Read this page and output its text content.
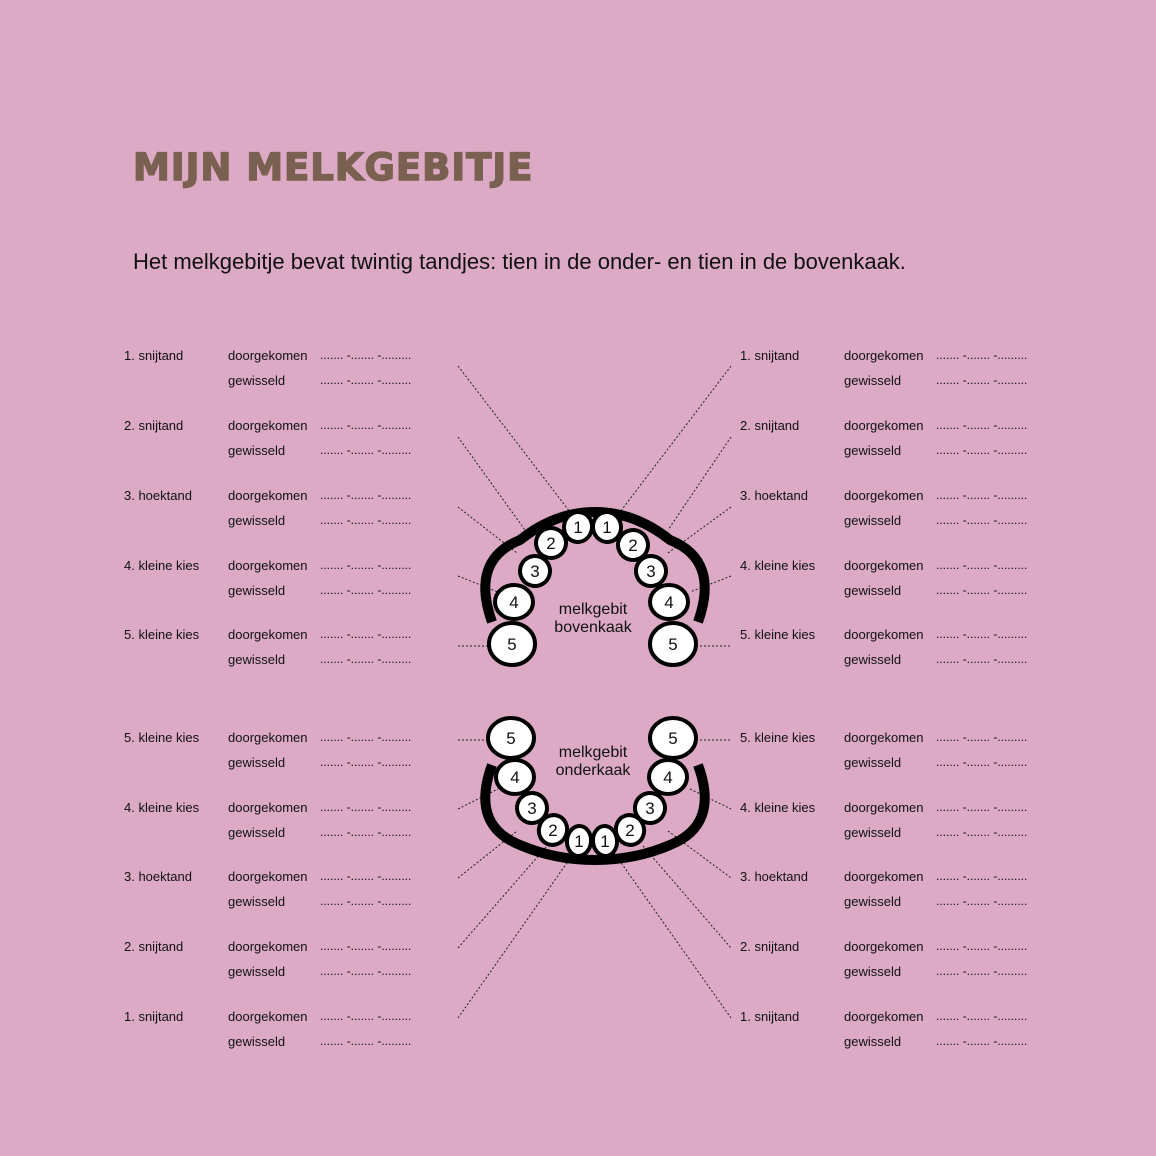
MIJN MELKGEBITJE
Het melkgebitje bevat twintig tandjes: tien in de onder- en tien in de bovenkaak.
1. snijtand	doorgekomen ....... -....... -.........
gewisseld	....... -....... -.........
2. snijtand	doorgekomen ....... -....... -.........
gewisseld	....... -....... -.........
3. hoektand	doorgekomen ....... -....... -.........
gewisseld	....... -....... -.........
4. kleine kies doorgekomen ....... -....... -.........
gewisseld	....... -....... -.........
5. kleine kies doorgekomen ....... -....... -.........
gewisseld	....... -....... -.........
1. snijtand	doorgekomen ....... -....... -.........
gewisseld	....... -....... -.........
2. snijtand	doorgekomen ....... -....... -.........
gewisseld	....... -....... -.........
3. hoektand	doorgekomen ....... -....... -.........
gewisseld	....... -....... -.........
4. kleine kies doorgekomen ....... -....... -.........
gewisseld	....... -....... -.........
5. kleine kies doorgekomen ....... -....... -.........
gewisseld	....... -....... -.........
5. kleine kies doorgekomen ....... -....... -.........
gewisseld	....... -....... -.........
4. kleine kies doorgekomen ....... -....... -.........
gewisseld	....... -....... -.........
3. hoektand	doorgekomen ....... -....... -.........
gewisseld	....... -....... -.........
2. snijtand	doorgekomen ....... -....... -.........
gewisseld	....... -....... -.........
1. snijtand	doorgekomen ....... -....... -.........
gewisseld	....... -....... -.........
5. kleine kies doorgekomen ....... -....... -.........
gewisseld	....... -....... -.........
4. kleine kies doorgekomen ....... -....... -.........
gewisseld	....... -....... -.........
3. hoektand	doorgekomen ....... -....... -.........
gewisseld	....... -....... -.........
2. snijtand	doorgekomen ....... -....... -.........
gewisseld	....... -....... -.........
1. snijtand	doorgekomen ....... -....... -.........
gewisseld	....... -....... -.........
1
2
3
4
5
1
2
3
4
5
5
4
3
2
1
5
4
3
2
1
melkgebit
bovenkaak
melkgebit
onderkaak
